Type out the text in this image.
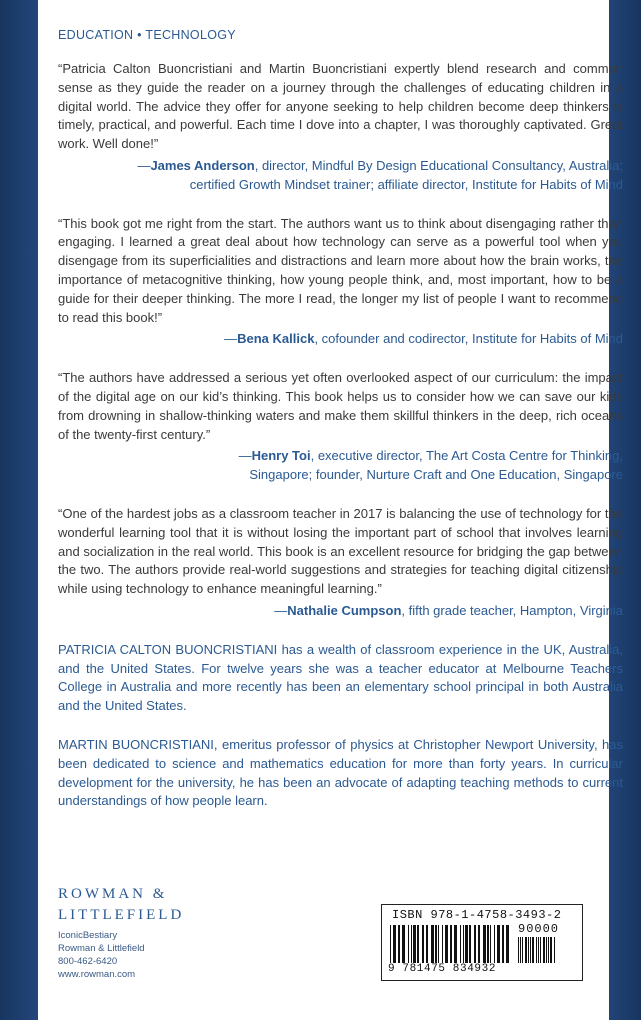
EDUCATION • TECHNOLOGY

“Patricia Calton Buoncristiani and Martin Buoncristiani expertly blend research and common sense as they guide the reader on a journey through the challenges of educating children in a digital world. The advice they offer for anyone seeking to help children become deep thinkers is timely, practical, and powerful. Each time I dove into a chapter, I was thoroughly captivated. Great work. Well done!”

—James Anderson, director, Mindful By Design Educational Consultancy, Australia;
certified Growth Mindset trainer; affiliate director, Institute for Habits of Mind

“This book got me right from the start. The authors want us to think about disengaging rather than engaging. I learned a great deal about how technology can serve as a powerful tool when you disengage from its superficialities and distractions and learn more about how the brain works, the importance of metacognitive thinking, how young people think, and, most important, how to be a guide for their deeper thinking. The more I read, the longer my list of people I want to recommend to read this book!”

—Bena Kallick, cofounder and codirector, Institute for Habits of Mind

“The authors have addressed a serious yet often overlooked aspect of our curriculum: the impact of the digital age on our kid’s thinking. This book helps us to consider how we can save our kids from drowning in shallow-thinking waters and make them skillful thinkers in the deep, rich oceans of the twenty-first century.”

—Henry Toi, executive director, The Art Costa Centre for Thinking,
Singapore; founder, Nurture Craft and One Education, Singapore

“One of the hardest jobs as a classroom teacher in 2017 is balancing the use of technology for the wonderful learning tool that it is without losing the important part of school that involves learning and socialization in the real world. This book is an excellent resource for bridging the gap between the two. The authors provide real-world suggestions and strategies for teaching digital citizenship while using technology to enhance meaningful learning.”

—Nathalie Cumpson, fifth grade teacher, Hampton, Virginia

PATRICIA CALTON BUONCRISTIANI has a wealth of classroom experience in the UK, Australia, and the United States. For twelve years she was a teacher educator at Melbourne Teachers College in Australia and more recently has been an elementary school principal in both Australia and the United States.

MARTIN BUONCRISTIANI, emeritus professor of physics at Christopher Newport University, has been dedicated to science and mathematics education for more than forty years. In curricular development for the university, he has been an advocate of adapting teaching methods to current understandings of how people learn.

ROWMAN &
LITTLEFIELD
IconicBestiary
Rowman & Littlefield
800-462-6420
www.rowman.com
ISBN 978-1-4758-3493-2
90000
9 781475 834932
